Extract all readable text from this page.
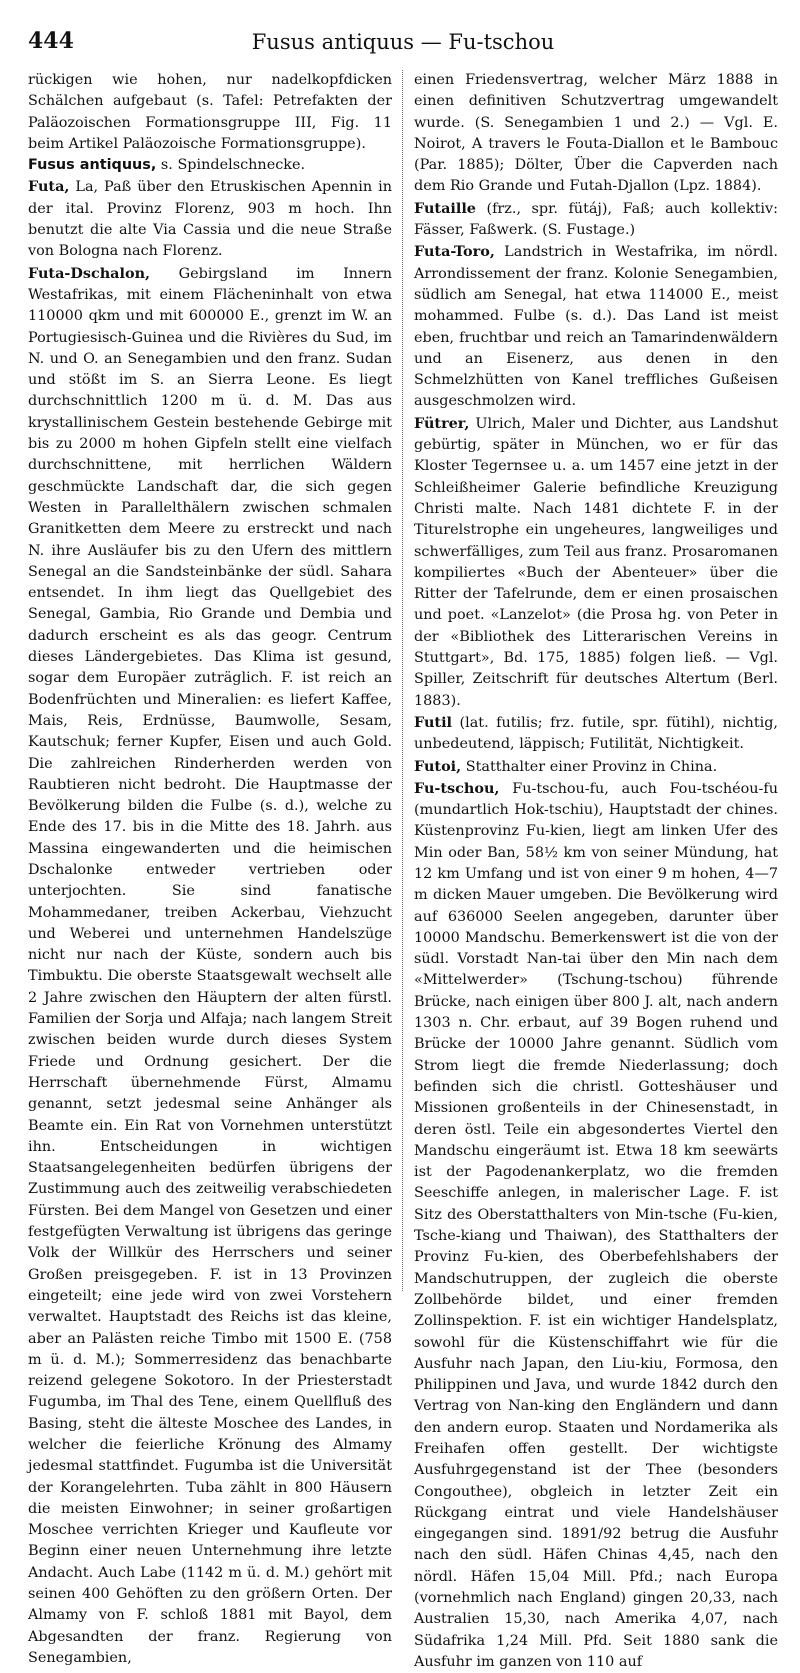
444	Fusus antiquus — Fu-tschou

rückigen wie hohen, nur nadelkopfdicken Schälchen aufgebaut (s. Tafel: Petrefakten der Paläozoischen Formationsgruppe III, Fig. 11 beim Artikel Paläozoische Formationsgruppe).

Fusus antiquus, s. Spindelschnecke.

Futa, La, Paß über den Etruskischen Apennin in der ital. Provinz Florenz, 903 m hoch. Ihn benutzt die alte Via Cassia und die neue Straße von Bologna nach Florenz.

Futa-Dschalon, Gebirgsland im Innern Westafrikas, mit einem Flächeninhalt von etwa 110000 qkm und mit 600000 E., grenzt im W. an Portugiesisch-Guinea und die Rivières du Sud, im N. und O. an Senegambien und den franz. Sudan und stößt im S. an Sierra Leone. Es liegt durchschnittlich 1200 m ü. d. M. Das aus krystallinischem Gestein bestehende Gebirge mit bis zu 2000 m hohen Gipfeln stellt eine vielfach durchschnittene, mit herrlichen Wäldern geschmückte Landschaft dar, die sich gegen Westen in Parallelthälern zwischen schmalen Granitketten dem Meere zu erstreckt und nach N. ihre Ausläufer bis zu den Ufern des mittlern Senegal an die Sandsteinbänke der südl. Sahara entsendet. In ihm liegt das Quellgebiet des Senegal, Gambia, Rio Grande und Dembia und dadurch erscheint es als das geogr. Centrum dieses Ländergebietes. Das Klima ist gesund, sogar dem Europäer zuträglich. F. ist reich an Bodenfrüchten und Mineralien: es liefert Kaffee, Mais, Reis, Erdnüsse, Baumwolle, Sesam, Kautschuk; ferner Kupfer, Eisen und auch Gold. Die zahlreichen Rinderherden werden von Raubtieren nicht bedroht. Die Hauptmasse der Bevölkerung bilden die Fulbe (s. d.), welche zu Ende des 17. bis in die Mitte des 18. Jahrh. aus Massina eingewanderten und die heimischen Dschalonke entweder vertrieben oder unterjochten. Sie sind fanatische Mohammedaner, treiben Ackerbau, Viehzucht und Weberei und unternehmen Handelszüge nicht nur nach der Küste, sondern auch bis Timbuktu. Die oberste Staatsgewalt wechselt alle 2 Jahre zwischen den Häuptern der alten fürstl. Familien der Sorja und Alfaja; nach langem Streit zwischen beiden wurde durch dieses System Friede und Ordnung gesichert. Der die Herrschaft übernehmende Fürst, Almamu genannt, setzt jedesmal seine Anhänger als Beamte ein. Ein Rat von Vornehmen unterstützt ihn. Entscheidungen in wichtigen Staatsangelegenheiten bedürfen übrigens der Zustimmung auch des zeitweilig verabschiedeten Fürsten. Bei dem Mangel von Gesetzen und einer festgefügten Verwaltung ist übrigens das geringe Volk der Willkür des Herrschers und seiner Großen preisgegeben. F. ist in 13 Provinzen eingeteilt; eine jede wird von zwei Vorstehern verwaltet. Hauptstadt des Reichs ist das kleine, aber an Palästen reiche Timbo mit 1500 E. (758 m ü. d. M.); Sommerresidenz das benachbarte reizend gelegene Sokotoro. In der Priesterstadt Fugumba, im Thal des Tene, einem Quellfluß des Basing, steht die älteste Moschee des Landes, in welcher die feierliche Krönung des Almamy jedesmal stattfindet. Fugumba ist die Universität der Korangelehrten. Tuba zählt in 800 Häusern die meisten Einwohner; in seiner großartigen Moschee verrichten Krieger und Kaufleute vor Beginn einer neuen Unternehmung ihre letzte Andacht. Auch Labe (1142 m ü. d. M.) gehört mit seinen 400 Gehöften zu den größern Orten. Der Almamy von F. schloß 1881 mit Bayol, dem Abgesandten der franz. Regierung von Senegambien,

einen Friedensvertrag, welcher März 1888 in einen definitiven Schutzvertrag umgewandelt wurde. (S. Senegambien 1 und 2.) — Vgl. E. Noirot, A travers le Fouta-Diallon et le Bambouc (Par. 1885); Dölter, Über die Capverden nach dem Rio Grande und Futah-Djallon (Lpz. 1884).

Futaille (frz., spr. fütáj), Faß; auch kollektiv: Fässer, Faßwerk. (S. Fustage.)

Futa-Toro, Landstrich in Westafrika, im nördl. Arrondissement der franz. Kolonie Senegambien, südlich am Senegal, hat etwa 114000 E., meist mohammed. Fulbe (s. d.). Das Land ist meist eben, fruchtbar und reich an Tamarindenwäldern und an Eisenerz, aus denen in den Schmelzhütten von Kanel treffliches Gußeisen ausgeschmolzen wird.

Fütrer, Ulrich, Maler und Dichter, aus Landshut gebürtig, später in München, wo er für das Kloster Tegernsee u. a. um 1457 eine jetzt in der Schleißheimer Galerie befindliche Kreuzigung Christi malte. Nach 1481 dichtete F. in der Titurelstrophe ein ungeheures, langweiliges und schwerfälliges, zum Teil aus franz. Prosaromanen kompiliertes «Buch der Abenteuer» über die Ritter der Tafelrunde, dem er einen prosaischen und poet. «Lanzelot» (die Prosa hg. von Peter in der «Bibliothek des Litterarischen Vereins in Stuttgart», Bd. 175, 1885) folgen ließ. — Vgl. Spiller, Zeitschrift für deutsches Altertum (Berl. 1883).

Futil (lat. futilis; frz. futile, spr. fütihl), nichtig, unbedeutend, läppisch; Futilität, Nichtigkeit.

Futoi, Statthalter einer Provinz in China.

Fu-tschou, Fu-tschou-fu, auch Fou-tschéou-fu (mundartlich Hok-tschiu), Hauptstadt der chines. Küstenprovinz Fu-kien, liegt am linken Ufer des Min oder Ban, 58½ km von seiner Mündung, hat 12 km Umfang und ist von einer 9 m hohen, 4—7 m dicken Mauer umgeben. Die Bevölkerung wird auf 636000 Seelen angegeben, darunter über 10000 Mandschu. Bemerkenswert ist die von der südl. Vorstadt Nan-tai über den Min nach dem «Mittelwerder» (Tschung-tschou) führende Brücke, nach einigen über 800 J. alt, nach andern 1303 n. Chr. erbaut, auf 39 Bogen ruhend und Brücke der 10000 Jahre genannt. Südlich vom Strom liegt die fremde Niederlassung; doch befinden sich die christl. Gotteshäuser und Missionen großenteils in der Chinesenstadt, in deren östl. Teile ein abgesondertes Viertel den Mandschu eingeräumt ist. Etwa 18 km seewärts ist der Pagodenankerplatz, wo die fremden Seeschiffe anlegen, in malerischer Lage. F. ist Sitz des Oberstatthalters von Min-tsche (Fu-kien, Tsche-kiang und Thaiwan), des Statthalters der Provinz Fu-kien, des Oberbefehlshabers der Mandschutruppen, der zugleich die oberste Zollbehörde bildet, und einer fremden Zollinspektion. F. ist ein wichtiger Handelsplatz, sowohl für die Küstenschiffahrt wie für die Ausfuhr nach Japan, den Liu-kiu, Formosa, den Philippinen und Java, und wurde 1842 durch den Vertrag von Nan-king den Engländern und dann den andern europ. Staaten und Nordamerika als Freihafen offen gestellt. Der wichtigste Ausfuhrgegenstand ist der Thee (besonders Congouthee), obgleich in letzter Zeit ein Rückgang eintrat und viele Handelshäuser eingegangen sind. 1891/92 betrug die Ausfuhr nach den südl. Häfen Chinas 4,45, nach den nördl. Häfen 15,04 Mill. Pfd.; nach Europa (vornehmlich nach England) gingen 20,33, nach Australien 15,30, nach Amerika 4,07, nach Südafrika 1,24 Mill. Pfd. Seit 1880 sank die Ausfuhr im ganzen von 110 auf
